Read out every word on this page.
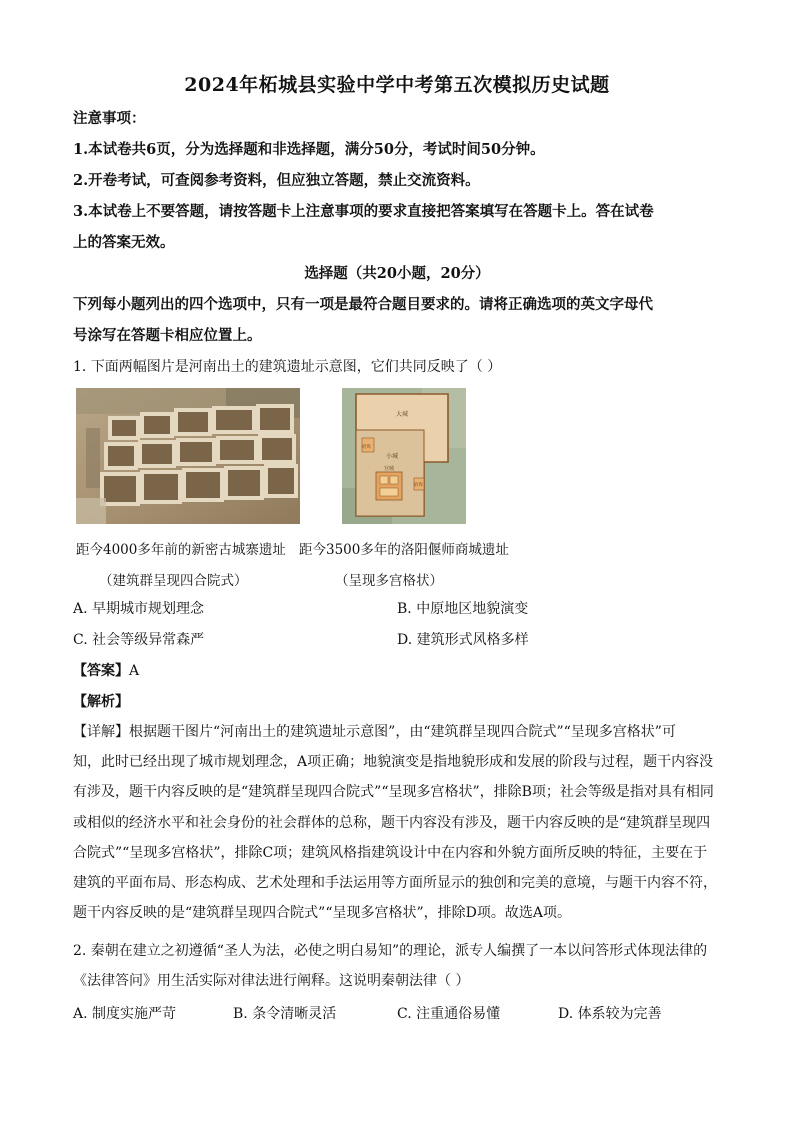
2024年柘城县实验中学中考第五次模拟历史试题
注意事项：
1.本试卷共6页，分为选择题和非选择题，满分50分，考试时间50分钟。
2.开卷考试，可查阅参考资料，但应独立答题，禁止交流资料。
3.本试卷上不要答题，请按答题卡上注意事项的要求直接把答案填写在答题卡上。答在试卷
上的答案无效。
选择题（共20小题，20分）
下列每小题列出的四个选项中，只有一项是最符合题目要求的。请将正确选项的英文字母代
号涂写在答题卡相应位置上。
1. 下面两幅图片是河南出土的建筑遗址示意图，它们共同反映了（ ）
大城
小城
宫城
府库
府库
距今4000多年前的新密古城寨遗址 距今3500多年的洛阳偃师商城遗址
（建筑群呈现四合院式）	（呈现多宫格状）
A. 早期城市规划理念	B. 中原地区地貌演变
C. 社会等级异常森严	D. 建筑形式风格多样
【答案】A
【解析】
【详解】根据题干图片“河南出土的建筑遗址示意图”，由“建筑群呈现四合院式”“呈现多宫格状”可
知，此时已经出现了城市规划理念，A项正确；地貌演变是指地貌形成和发展的阶段与过程，题干内容没
有涉及，题干内容反映的是“建筑群呈现四合院式”“呈现多宫格状”，排除B项；社会等级是指对具有相同
或相似的经济水平和社会身份的社会群体的总称，题干内容没有涉及，题干内容反映的是“建筑群呈现四
合院式”“呈现多宫格状”，排除C项；建筑风格指建筑设计中在内容和外貌方面所反映的特征，主要在于
建筑的平面布局、形态构成、艺术处理和手法运用等方面所显示的独创和完美的意境，与题干内容不符，
题干内容反映的是“建筑群呈现四合院式”“呈现多宫格状”，排除D项。故选A项。
2. 秦朝在建立之初遵循“圣人为法，必使之明白易知”的理论，派专人编撰了一本以问答形式体现法律的
《法律答问》用生活实际对律法进行阐释。这说明秦朝法律（ ）
A. 制度实施严苛	B. 条令清晰灵活	C. 注重通俗易懂	D. 体系较为完善
